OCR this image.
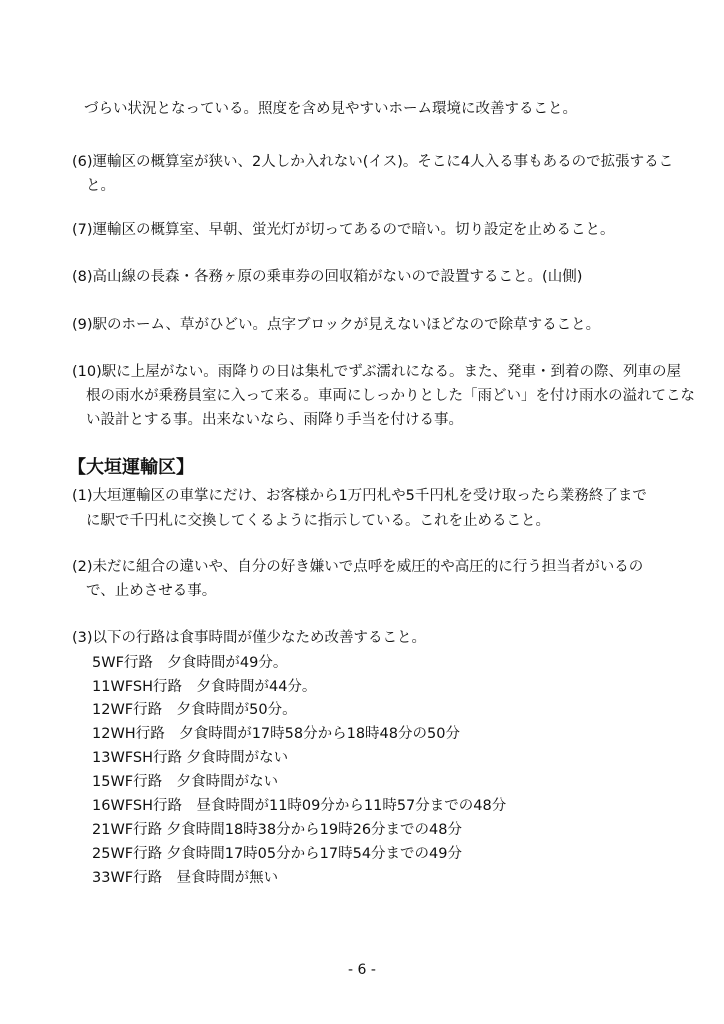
づらい状況となっている。照度を含め見やすいホーム環境に改善すること。
(6)運輸区の概算室が狭い、2人しか入れない(イス)。そこに4人入る事もあるので拡張するこ
と。
(7)運輸区の概算室、早朝、蛍光灯が切ってあるので暗い。切り設定を止めること。
(8)高山線の長森・各務ヶ原の乗車券の回収箱がないので設置すること。(山側)
(9)駅のホーム、草がひどい。点字ブロックが見えないほどなので除草すること。
(10)駅に上屋がない。雨降りの日は集札でずぶ濡れになる。また、発車・到着の際、列車の屋
根の雨水が乗務員室に入って来る。車両にしっかりとした「雨どい」を付け雨水の溢れてこな
い設計とする事。出来ないなら、雨降り手当を付ける事。
【大垣運輸区】
(1)大垣運輸区の車掌にだけ、お客様から1万円札や5千円札を受け取ったら業務終了まで
に駅で千円札に交換してくるように指示している。これを止めること。
(2)未だに組合の違いや、自分の好き嫌いで点呼を威圧的や高圧的に行う担当者がいるの
で、止めさせる事。
(3)以下の行路は食事時間が僅少なため改善すること。
5WF行路　夕食時間が49分。
11WFSH行路　夕食時間が44分。
12WF行路　夕食時間が50分。
12WH行路　夕食時間が17時58分から18時48分の50分
13WFSH行路 夕食時間がない
15WF行路　夕食時間がない
16WFSH行路　昼食時間が11時09分から11時57分までの48分
21WF行路 夕食時間18時38分から19時26分までの48分
25WF行路 夕食時間17時05分から17時54分までの49分
33WF行路　昼食時間が無い
- 6 -
